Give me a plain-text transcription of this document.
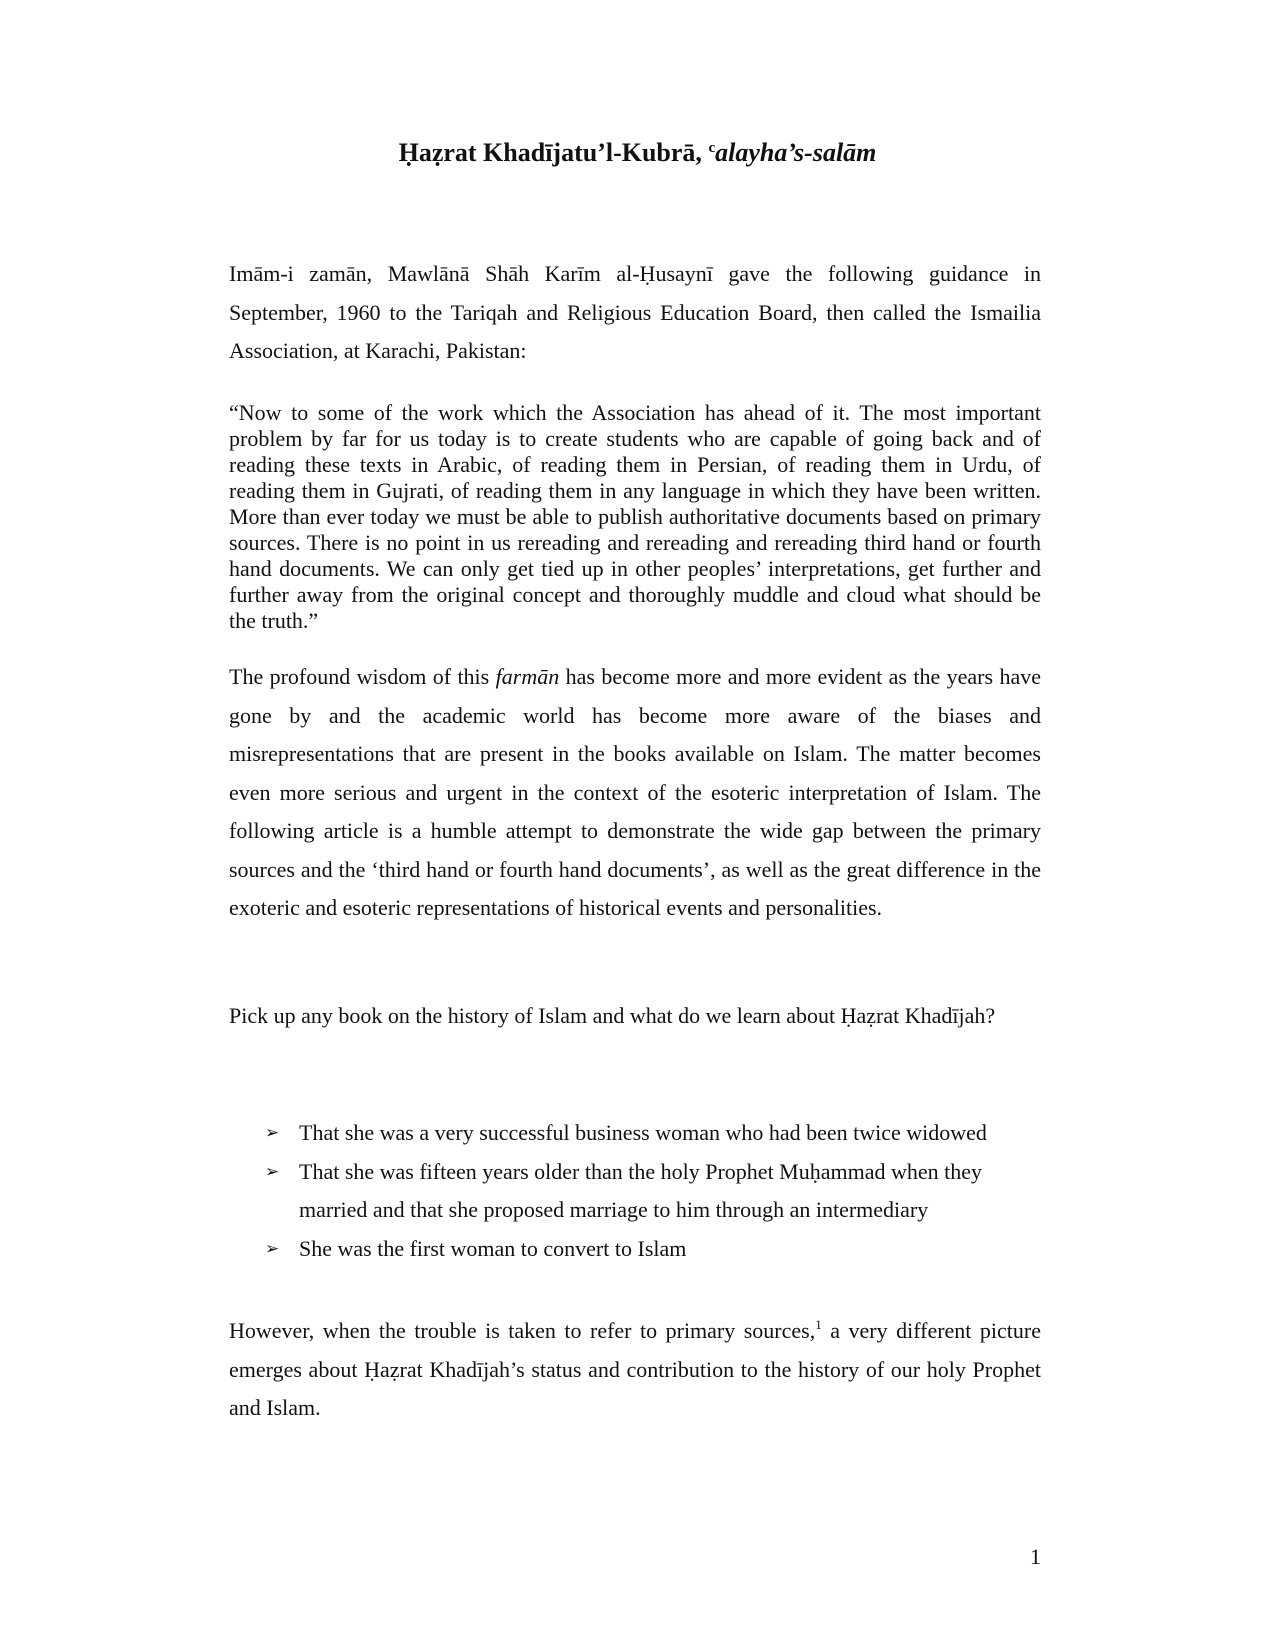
Ḥaẓrat Khadījatu’l-Kubrā, $^c$alayha’s-salām
Imām-i zamān, Mawlānā Shāh Karīm al-Ḥusaynī gave the following guidance in September, 1960 to the Tariqah and Religious Education Board, then called the Ismailia Association, at Karachi, Pakistan:
“Now to some of the work which the Association has ahead of it. The most important problem by far for us today is to create students who are capable of going back and of reading these texts in Arabic, of reading them in Persian, of reading them in Urdu, of reading them in Gujrati, of reading them in any language in which they have been written. More than ever today we must be able to publish authoritative documents based on primary sources. There is no point in us rereading and rereading and rereading third hand or fourth hand documents. We can only get tied up in other peoples’ interpretations, get further and further away from the original concept and thoroughly muddle and cloud what should be the truth.”
The profound wisdom of this farmān has become more and more evident as the years have gone by and the academic world has become more aware of the biases and misrepresentations that are present in the books available on Islam. The matter becomes even more serious and urgent in the context of the esoteric interpretation of Islam. The following article is a humble attempt to demonstrate the wide gap between the primary sources and the ‘third hand or fourth hand documents’, as well as the great difference in the exoteric and esoteric representations of historical events and personalities.
Pick up any book on the history of Islam and what do we learn about Ḥaẓrat Khadījah?
➢ That she was a very successful business woman who had been twice widowed
➢ That she was fifteen years older than the holy Prophet Muḥammad when they married and that she proposed marriage to him through an intermediary
➢ She was the first woman to convert to Islam
However, when the trouble is taken to refer to primary sources,$^1$ a very different picture emerges about Ḥaẓrat Khadījah’s status and contribution to the history of our holy Prophet and Islam.
1
